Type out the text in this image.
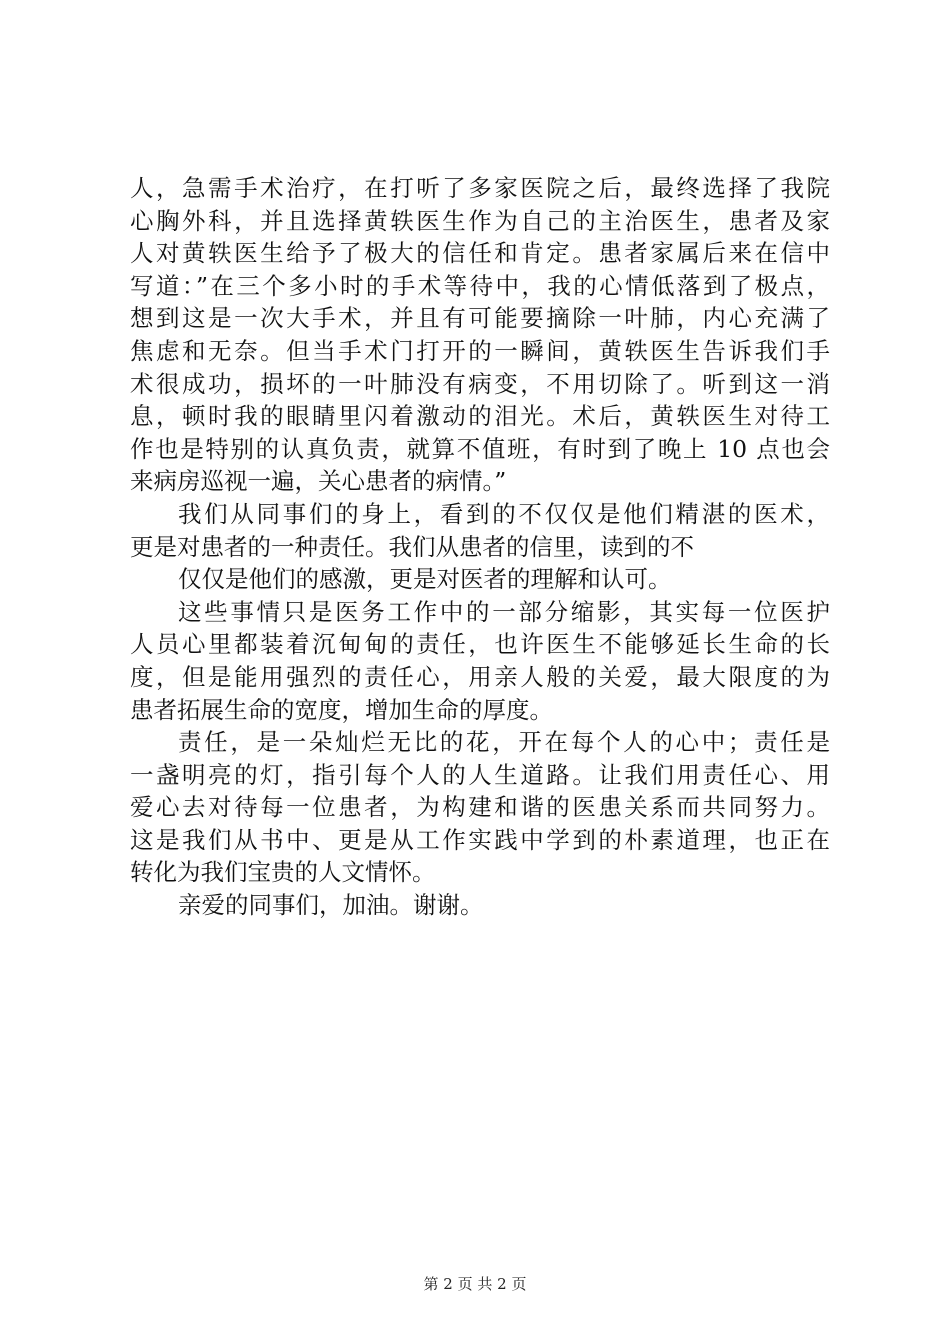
人，急需手术治疗，在打听了多家医院之后，最终选择了我院
心胸外科，并且选择黄轶医生作为自己的主治医生，患者及家
人对黄轶医生给予了极大的信任和肯定。患者家属后来在信中
写道：”在三个多小时的手术等待中，我的心情低落到了极点，
想到这是一次大手术，并且有可能要摘除一叶肺，内心充满了
焦虑和无奈。但当手术门打开的一瞬间，黄轶医生告诉我们手
术很成功，损坏的一叶肺没有病变，不用切除了。听到这一消
息，顿时我的眼睛里闪着激动的泪光。术后，黄轶医生对待工
作也是特别的认真负责，就算不值班，有时到了晚上 10 点也会
来病房巡视一遍，关心患者的病情。”
我们从同事们的身上，看到的不仅仅是他们精湛的医术，
更是对患者的一种责任。我们从患者的信里，读到的不
仅仅是他们的感激，更是对医者的理解和认可。
这些事情只是医务工作中的一部分缩影，其实每一位医护
人员心里都装着沉甸甸的责任，也许医生不能够延长生命的长
度，但是能用强烈的责任心，用亲人般的关爱，最大限度的为
患者拓展生命的宽度，增加生命的厚度。
责任，是一朵灿烂无比的花，开在每个人的心中；责任是
一盏明亮的灯，指引每个人的人生道路。让我们用责任心、用
爱心去对待每一位患者，为构建和谐的医患关系而共同努力。
这是我们从书中、更是从工作实践中学到的朴素道理，也正在
转化为我们宝贵的人文情怀。
亲爱的同事们，加油。谢谢。
第 2 页 共 2 页
